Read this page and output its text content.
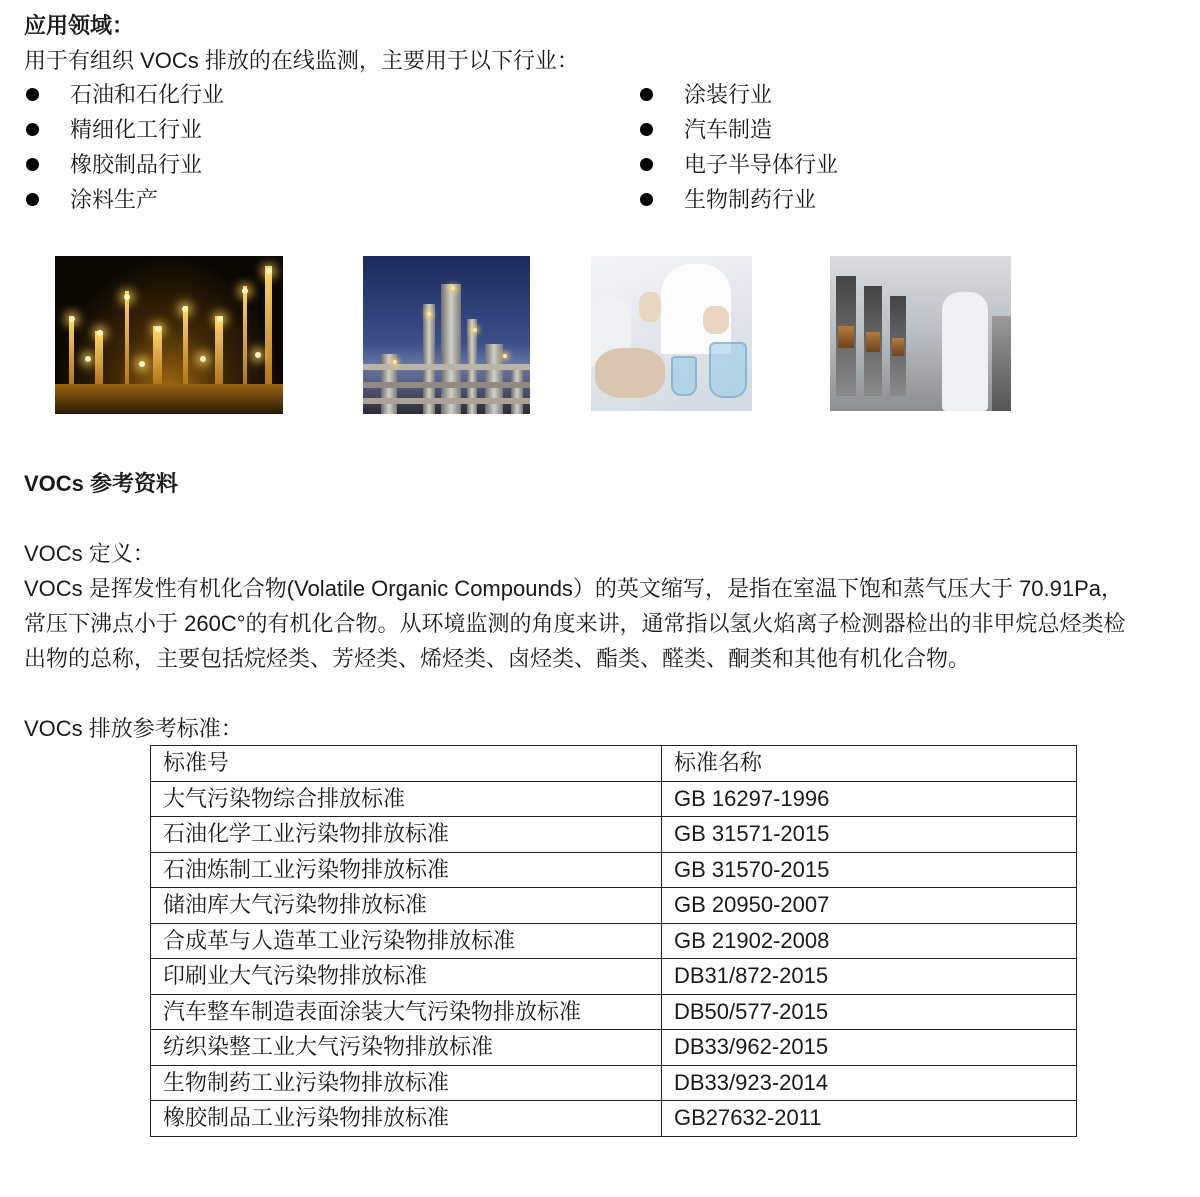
应用领域：
用于有组织 VOCs 排放的在线监测，主要用于以下行业：
石油和石化行业
精细化工行业
橡胶制品行业
涂料生产
涂装行业
汽车制造
电子半导体行业
生物制药行业
VOCs 参考资料
VOCs 定义：
VOCs 是挥发性有机化合物(Volatile Organic Compounds）的英文缩写，是指在室温下饱和蒸气压大于 70.91Pa，
常压下沸点小于 260C°的有机化合物。从环境监测的角度来讲，通常指以氢火焰离子检测器检出的非甲烷总烃类检
出物的总称，主要包括烷烃类、芳烃类、烯烃类、卤烃类、酯类、醛类、酮类和其他有机化合物。
VOCs 排放参考标准：
标准号	标准名称
大气污染物综合排放标准	GB 16297-1996
石油化学工业污染物排放标准	GB 31571-2015
石油炼制工业污染物排放标准	GB 31570-2015
储油库大气污染物排放标准	GB 20950-2007
合成革与人造革工业污染物排放标准	GB 21902-2008
印刷业大气污染物排放标准	DB31/872-2015
汽车整车制造表面涂装大气污染物排放标准	DB50/577-2015
纺织染整工业大气污染物排放标准	DB33/962-2015
生物制药工业污染物排放标准	DB33/923-2014
橡胶制品工业污染物排放标准	GB27632-2011
